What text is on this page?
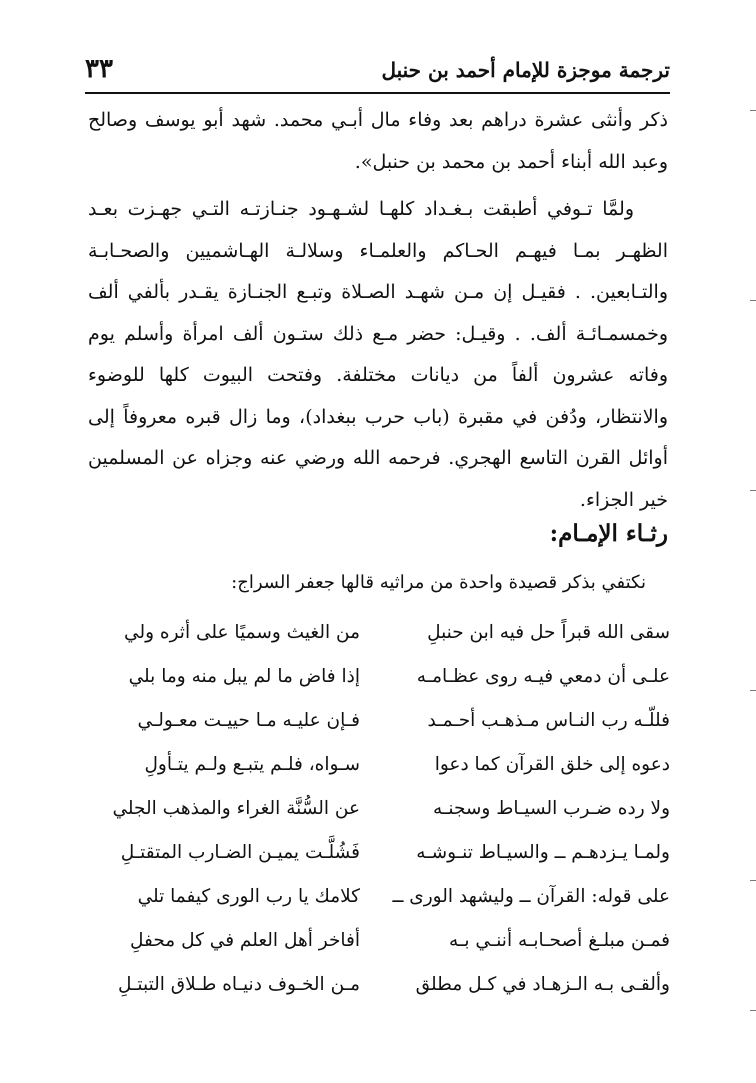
ترجمة موجزة للإمام أحمد بن حنبل
٣٣

ذكر وأنثى عشرة دراهم بعد وفاء مال أبـي محمد. شهد أبو يوسف وصالح وعبد الله أبناء أحمد بن محمد بن حنبل».

ولمَّا تـوفي أطبقت بـغـداد كلهـا لشـهـود جنـازتـه التـي جهـزت بعـد الظهـر بمـا فيهـم الحـاكم والعلمـاء وسلالـة الهـاشميين والصحـابـة والتـابعين. . فقيـل إن مـن شهـد الصـلاة وتبـع الجنـازة يقـدر بألفي ألف وخمسمـائـة ألف. . وقيـل: حضر مـع ذلك ستـون ألف امرأة وأسلم يوم وفاته عشرون ألفاً من ديانات مختلفة. وفتحت البيوت كلها للوضوء والانتظار، ودُفن في مقبرة (باب حرب ببغداد)، وما زال قبره معروفاً إلى أوائل القرن التاسع الهجري. فرحمه الله ورضي عنه وجزاه عن المسلمين خير الجزاء.

رثـاء الإمـام:
نكتفي بذكر قصيدة واحدة من مراثيه قالها جعفر السراج:
سقى الله قبراً حل فيه ابن حنبلِ
من الغيث وسميًا على أثره ولي
علـى أن دمعي فيـه روى عظـامـه
إذا فاض ما لم يبل منه وما بلي
فللّـه رب النـاس مـذهـب أحـمـد
فـإن عليـه مـا حييـت معـولـي
دعوه إلى خلق القرآن كما دعوا
سـواه، فلـم يتبـع ولـم يتـأولِ
ولا رده ضـرب السيـاط وسجنـه
عن السُّنَّة الغراء والمذهب الجلي
ولمـا يـزدهـم ــ والسيـاط تنـوشـه
فَشُلَّـت يميـن الضـارب المتقتـلِ
على قوله: القرآن ــ وليشهد الورى ــ
كلامك يا رب الورى كيفما تلي
فمـن مبلـغ أصحـابـه أننـي بـه
أفاخر أهل العلم في كل محفلِ
وألقـى بـه الـزهـاد في كـل مطلق
مـن الخـوف دنيـاه طـلاق التبتـلِ
